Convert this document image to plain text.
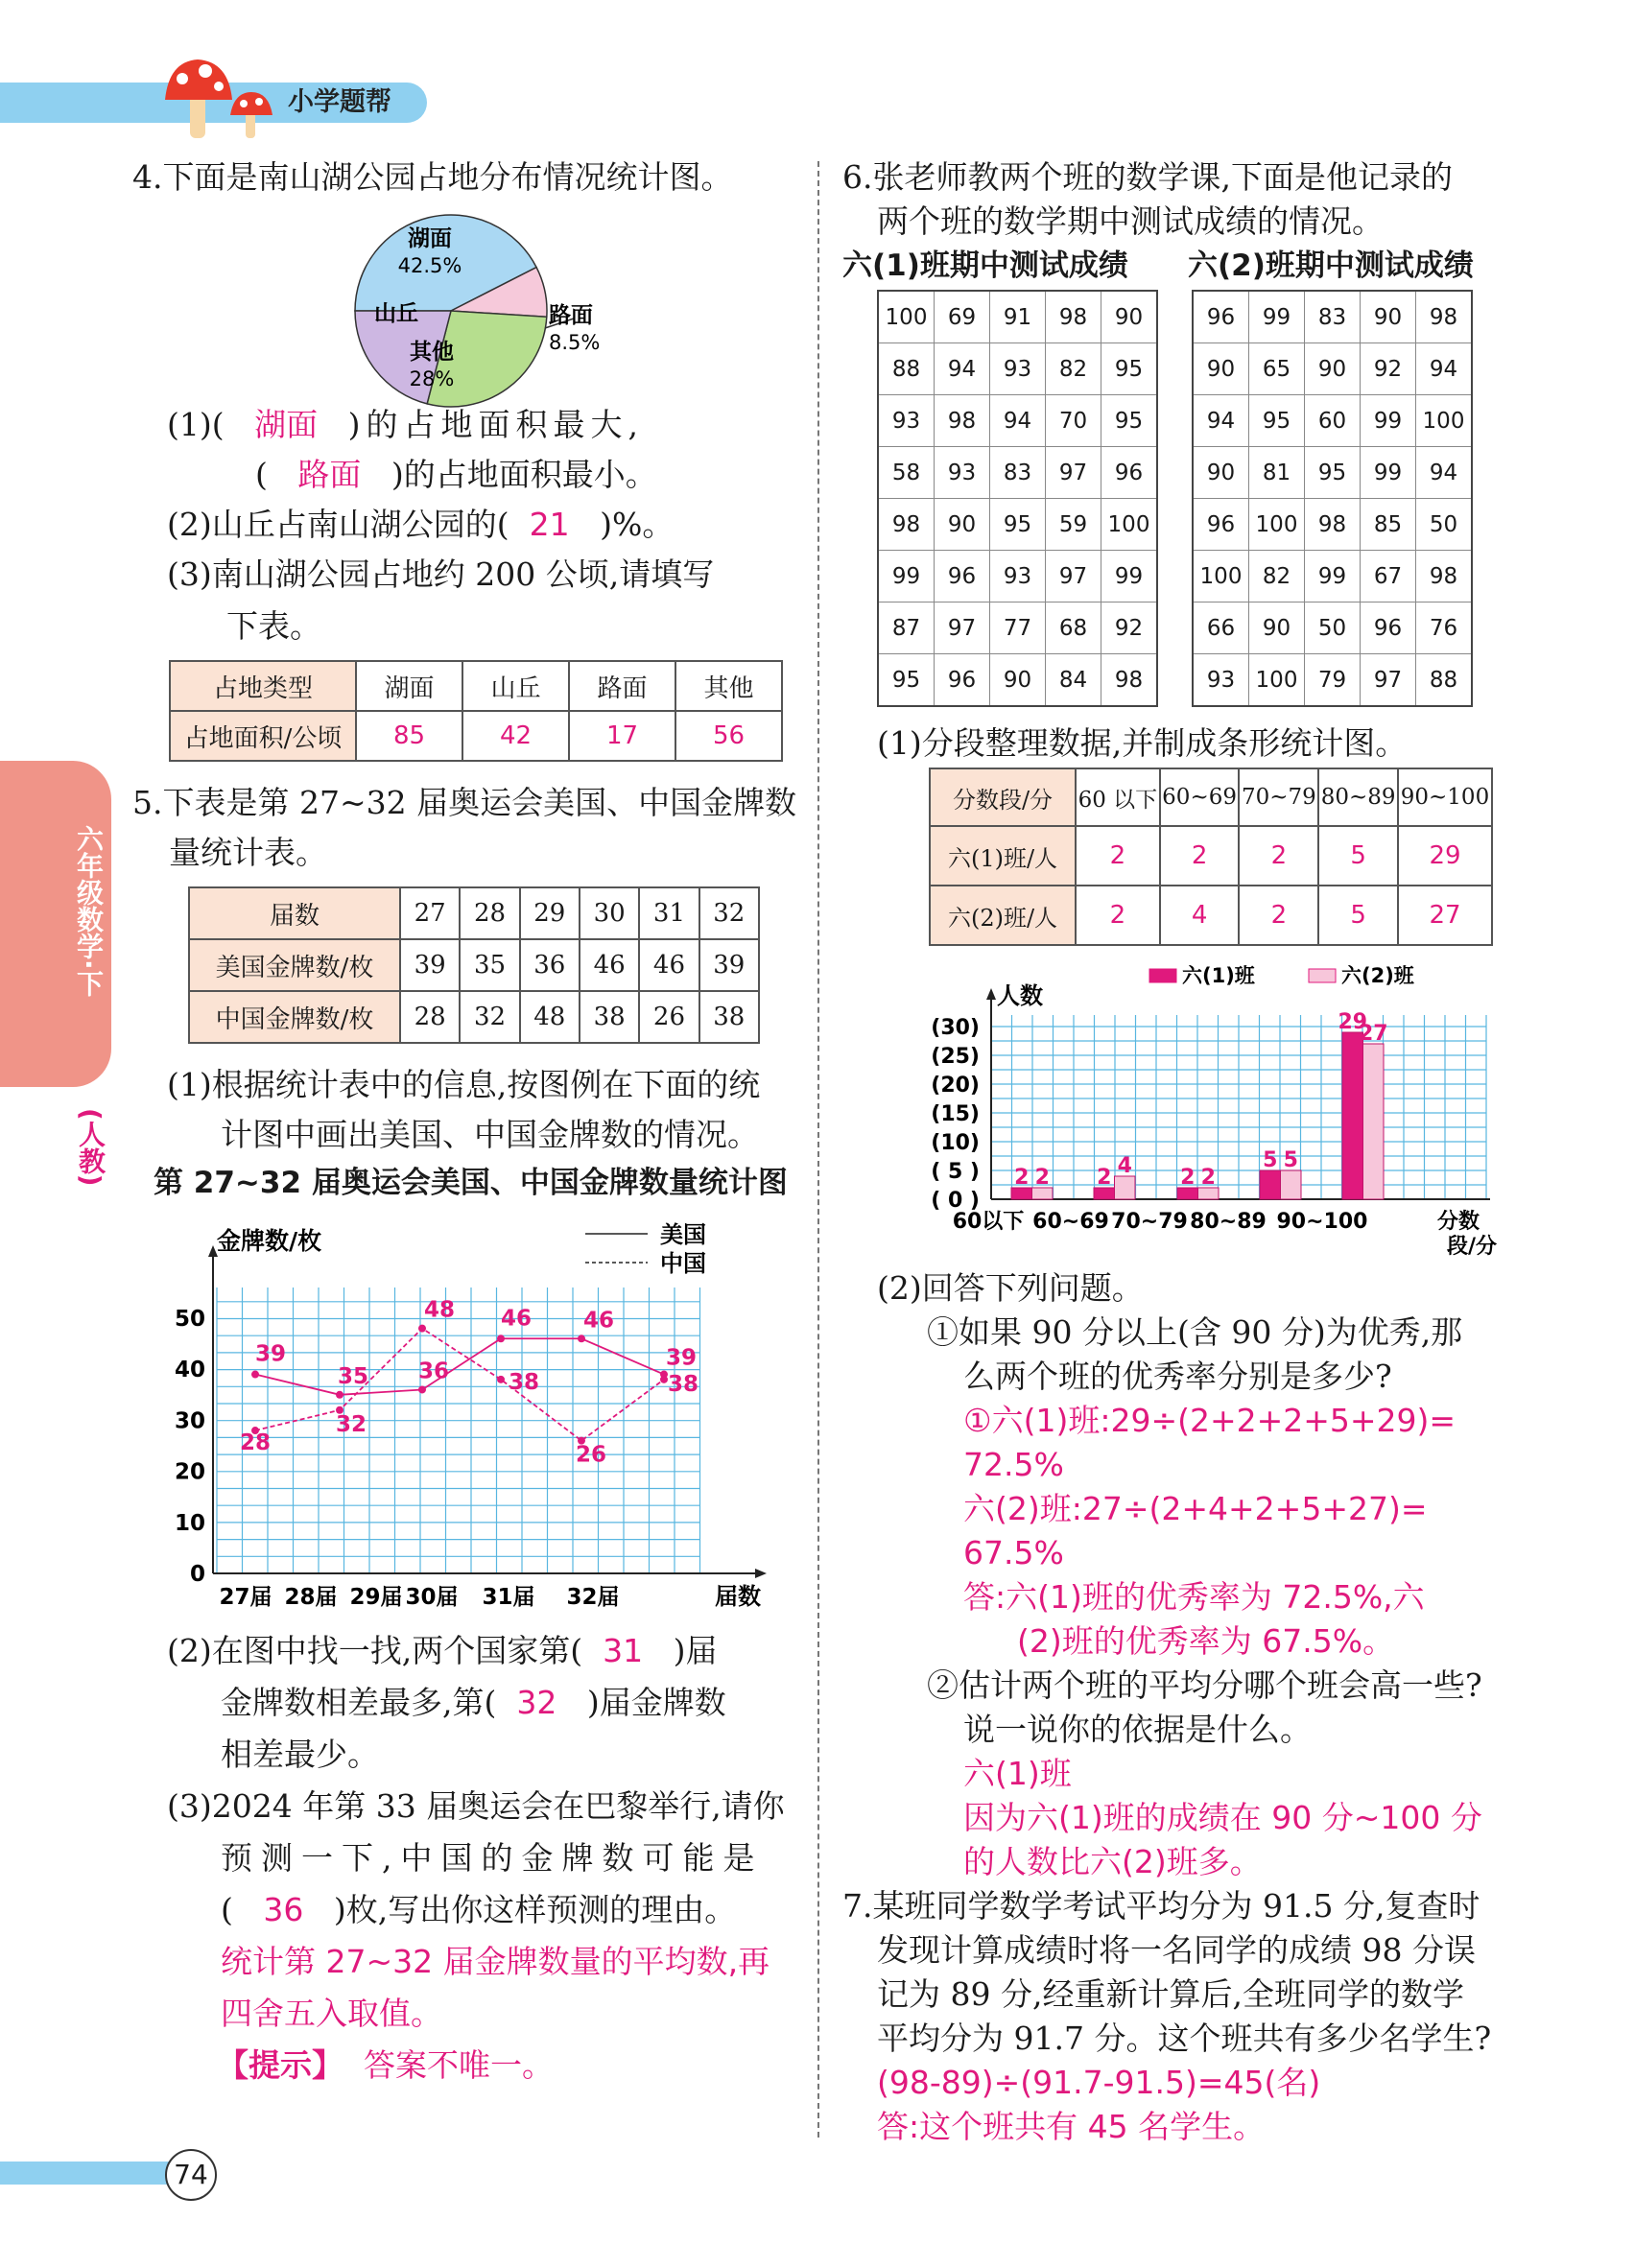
小学题帮
六年级数学·下
(人教)
74
4.下面是南山湖公园占地分布情况统计图。
湖面
42.5%
山丘
其他
28%
路面
8.5%
(1)( 湖面 )的占地面积最大,
( 路面 )的占地面积最小。
(2)山丘占南山湖公园的( 21 )%。
(3)南山湖公园占地约 200 公顷,请填写
下表。
占地类型	湖面	山丘	路面	其他
占地面积/公顷	85	42	17	56
5.下表是第 27~32 届奥运会美国、中国金牌数
量统计表。
届数	27	28	29	30	31	32
美国金牌数/枚	39	35	36	46	46	39
中国金牌数/枚	28	32	48	38	26	38
(1)根据统计表中的信息,按图例在下面的统
计图中画出美国、中国金牌数的情况。
第 27~32 届奥运会美国、中国金牌数量统计图
0
10
20
30
40
50
金牌数/枚
27届 28届 29届 30届 31届 32届	届数
美国
中国
39
35 36
46 46
39
28
32
48
38
26
38
(2)在图中找一找,两个国家第( 31 )届
金牌数相差最多,第( 32 )届金牌数
相差最少。
(3)2024 年第 33 届奥运会在巴黎举行,请你
预测一下,中国的金牌数可能是
( 36 )枚,写出你这样预测的理由。
统计第 27~32 届金牌数量的平均数,再
四舍五入取值。
【提示】 答案不唯一。
6.张老师教两个班的数学课,下面是他记录的
两个班的数学期中测试成绩的情况。
六(1)班期中测试成绩 六(2)班期中测试成绩
100	69	91	98	90
88	94	93	82	95
93	98	94	70	95
58	93	83	97	96
98	90	95	59	100
99	96	93	97	99
87	97	77	68	92
95	96	90	84	98
96	99	83	90	98
90	65	90	92	94
94	95	60	99	100
90	81	95	99	94
96	100	98	85	50
100	82	99	67	98
66	90	50	96	76
93	100	79	97	88
(1)分段整理数据,并制成条形统计图。
分数段/分	60 以下	60~69	70~79	80~89	90~100
六(1)班/人	2	2	2	5	29
六(2)班/人	2	4	2	5	27
六(1)班	六(2)班
人数
( 0 )
( 5 )
(10)
(15)
(20)
(25)
(30)
2 2 2 4 2 2
5 5
29
27
60以下 60~69 70~79 80~89 90~100	分数
段/分
(2)回答下列问题。
①如果 90 分以上(含 90 分)为优秀,那
么两个班的优秀率分别是多少?
①六(1)班:29÷(2+2+2+5+29)=
72.5%
六(2)班:27÷(2+4+2+5+27)=
67.5%
答:六(1)班的优秀率为 72.5%,六
(2)班的优秀率为 67.5%。
②估计两个班的平均分哪个班会高一些?
说一说你的依据是什么。
六(1)班
因为六(1)班的成绩在 90 分~100 分
的人数比六(2)班多。
7.某班同学数学考试平均分为 91.5 分,复查时
发现计算成绩时将一名同学的成绩 98 分误
记为 89 分,经重新计算后,全班同学的数学
平均分为 91.7 分。这个班共有多少名学生?
(98-89)÷(91.7-91.5)=45(名)
答:这个班共有 45 名学生。
